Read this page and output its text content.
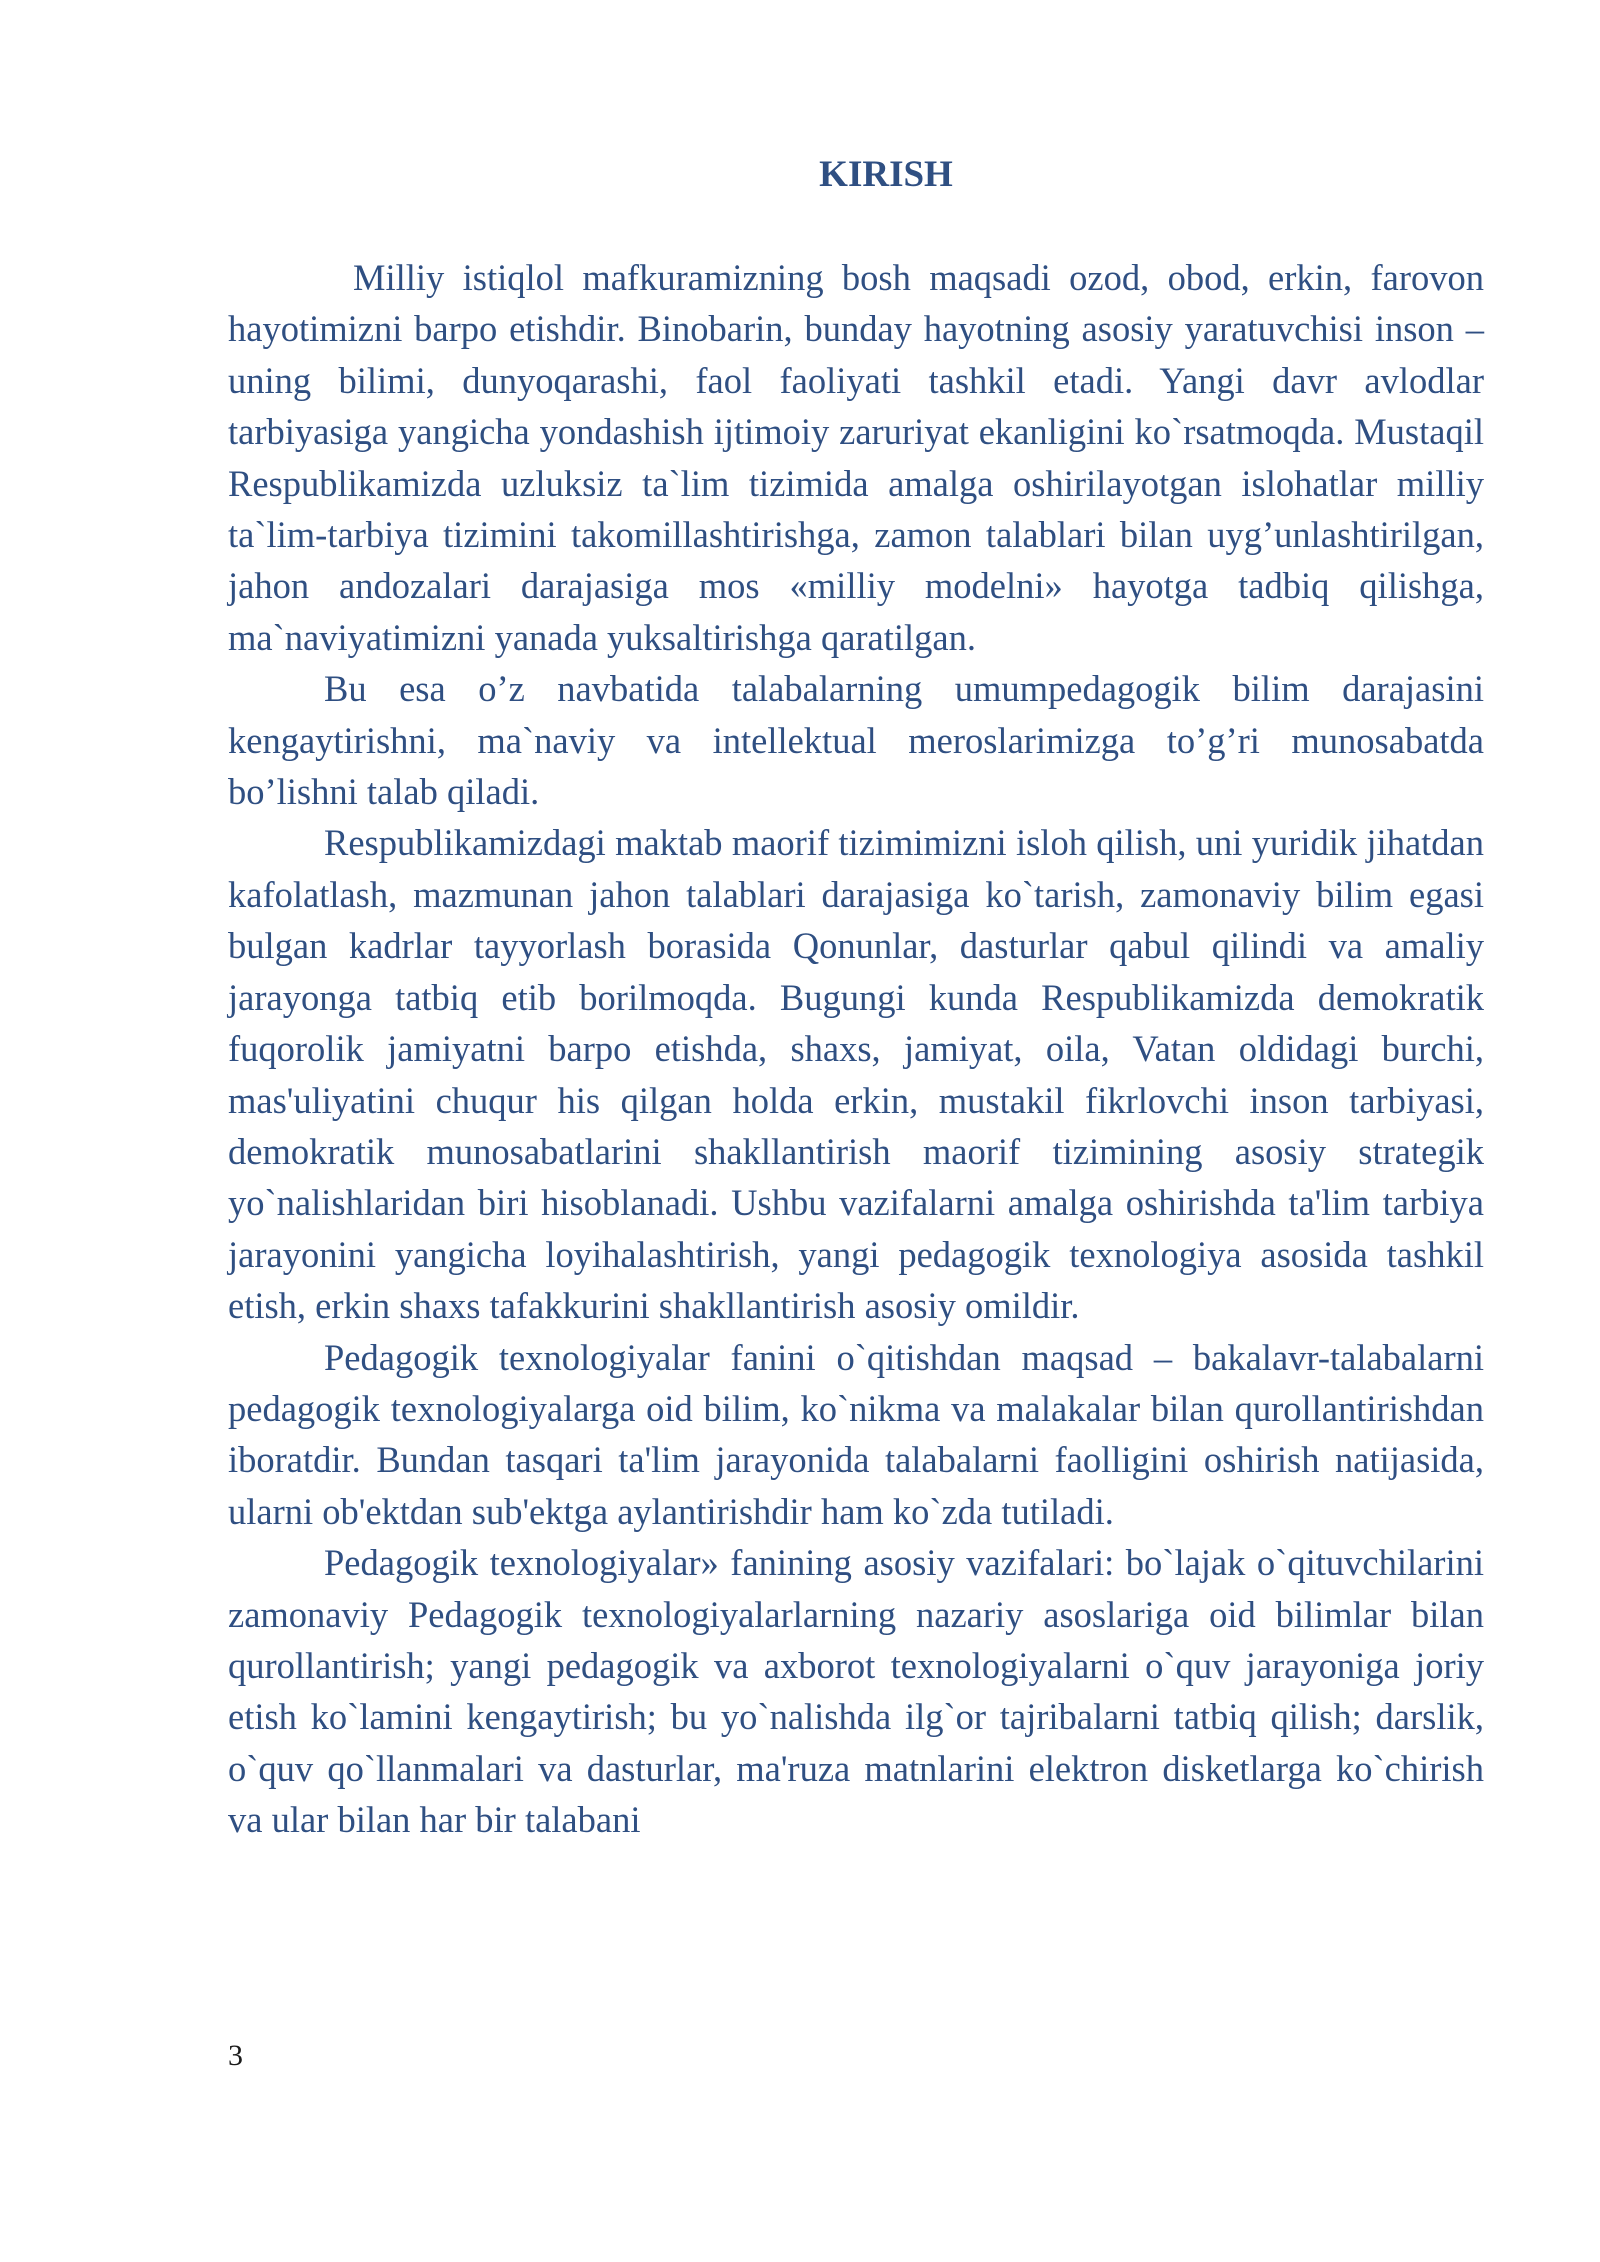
KIRISH

Milliy istiqlol mafkuramizning bosh maqsadi ozod, obod, erkin, farovon hayotimizni barpo etishdir. Binobarin, bunday hayotning asosiy yaratuvchisi inson – uning bilimi, dunyoqarashi, faol faoliyati tashkil etadi. Yangi davr avlodlar tarbiyasiga yangicha yondashish ijtimoiy zaruriyat ekanligini ko`rsatmoqda. Mustaqil Respublikamizda uzluksiz ta`lim tizimida amalga oshirilayotgan islohatlar milliy ta`lim-tarbiya tizimini takomillashtirishga, zamon talablari bilan uyg’unlashtirilgan, jahon andozalari darajasiga mos «milliy modelni» hayotga tadbiq qilishga, ma`naviyatimizni yanada yuksaltirishga qaratilgan.

Bu esa o’z navbatida talabalarning umumpedagogik bilim darajasini kengaytirishni, ma`naviy va intellektual meroslarimizga to’g’ri munosabatda bo’lishni talab qiladi.

Respublikamizdagi maktab maorif tizimimizni isloh qilish, uni yuridik jihatdan kafolatlash, mazmunan jahon talablari darajasiga ko`tarish, zamonaviy bilim egasi bulgan kadrlar tayyorlash borasida Qonunlar, dasturlar qabul qilindi va amaliy jarayonga tatbiq etib borilmoqda. Bugungi kunda Respublikamizda demokratik fuqorolik jamiyatni barpo etishda, shaxs, jamiyat, oila, Vatan oldidagi burchi, mas'uliyatini chuqur his qilgan holda erkin, mustakil fikrlovchi inson tarbiyasi, demokratik munosabatlarini shakllantirish maorif tizimining asosiy strategik yo`nalishlaridan biri hisoblanadi. Ushbu vazifalarni amalga oshirishda ta'lim tarbiya jarayonini yangicha loyihalashtirish, yangi pedagogik texnologiya asosida tashkil etish, erkin shaxs tafakkurini shakllantirish asosiy omildir.

Pedagogik texnologiyalar fanini o`qitishdan maqsad – bakalavr-talabalarni pedagogik texnologiyalarga oid bilim, ko`nikma va malakalar bilan qurollantirishdan iboratdir. Bundan tasqari ta'lim jarayonida talabalarni faolligini oshirish natijasida, ularni ob'ektdan sub'ektga aylantirishdir ham ko`zda tutiladi.

Pedagogik texnologiyalar» fanining asosiy vazifalari: bo`lajak o`qituvchilarini zamonaviy Pedagogik texnologiyalarlarning nazariy asoslariga oid bilimlar bilan qurollantirish; yangi pedagogik va axborot texnologiyalarni o`quv jarayoniga joriy etish ko`lamini kengaytirish; bu yo`nalishda ilg`or tajribalarni tatbiq qilish; darslik, o`quv qo`llanmalari va dasturlar, ma'ruza matnlarini elektron disketlarga ko`chirish va ular bilan har bir talabani

3
